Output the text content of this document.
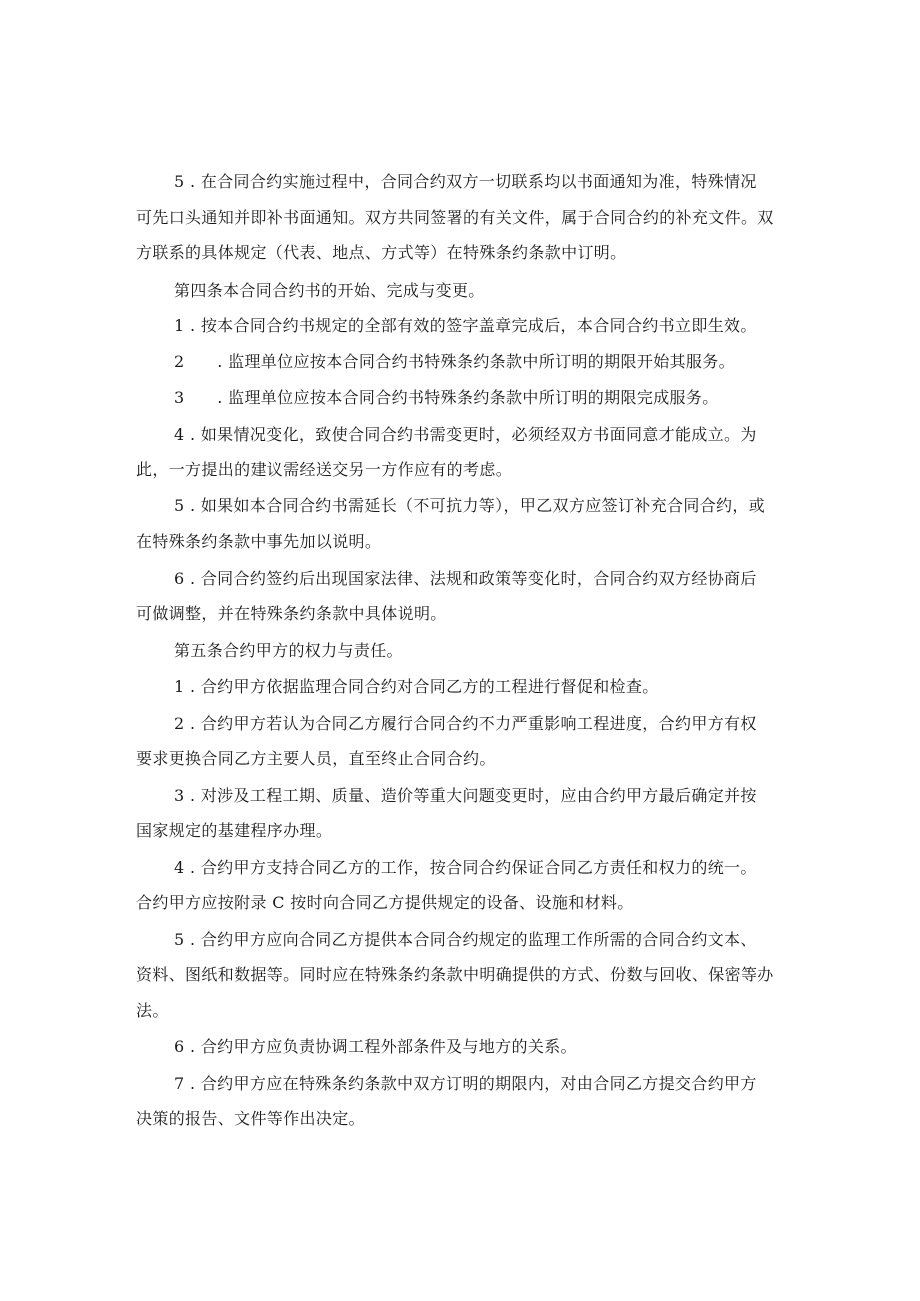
5 . 在合同合约实施过程中，合同合约双方一切联系均以书面通知为准，特殊情况
可先口头通知并即补书面通知。双方共同签署的有关文件，属于合同合约的补充文件。双
方联系的具体规定（代表、地点、方式等）在特殊条约条款中订明。
第四条本合同合约书的开始、完成与变更。
1 . 按本合同合约书规定的全部有效的签字盖章完成后，本合同合约书立即生效。
2　　. 监理单位应按本合同合约书特殊条约条款中所订明的期限开始其服务。
3　　. 监理单位应按本合同合约书特殊条约条款中所订明的期限完成服务。
4 . 如果情况变化，致使合同合约书需变更时，必须经双方书面同意才能成立。为
此，一方提出的建议需经送交另一方作应有的考虑。
5 . 如果如本合同合约书需延长（不可抗力等），甲乙双方应签订补充合同合约，或
在特殊条约条款中事先加以说明。
6 . 合同合约签约后出现国家法律、法规和政策等变化时，合同合约双方经协商后
可做调整，并在特殊条约条款中具体说明。
第五条合约甲方的权力与责任。
1 . 合约甲方依据监理合同合约对合同乙方的工程进行督促和检查。
2 . 合约甲方若认为合同乙方履行合同合约不力严重影响工程进度，合约甲方有权
要求更换合同乙方主要人员，直至终止合同合约。
3 . 对涉及工程工期、质量、造价等重大问题变更时，应由合约甲方最后确定并按
国家规定的基建程序办理。
4 . 合约甲方支持合同乙方的工作，按合同合约保证合同乙方责任和权力的统一。
合约甲方应按附录 C 按时向合同乙方提供规定的设备、设施和材料。
5 . 合约甲方应向合同乙方提供本合同合约规定的监理工作所需的合同合约文本、
资料、图纸和数据等。同时应在特殊条约条款中明确提供的方式、份数与回收、保密等办
法。
6 . 合约甲方应负责协调工程外部条件及与地方的关系。
7 . 合约甲方应在特殊条约条款中双方订明的期限内，对由合同乙方提交合约甲方
决策的报告、文件等作出决定。
